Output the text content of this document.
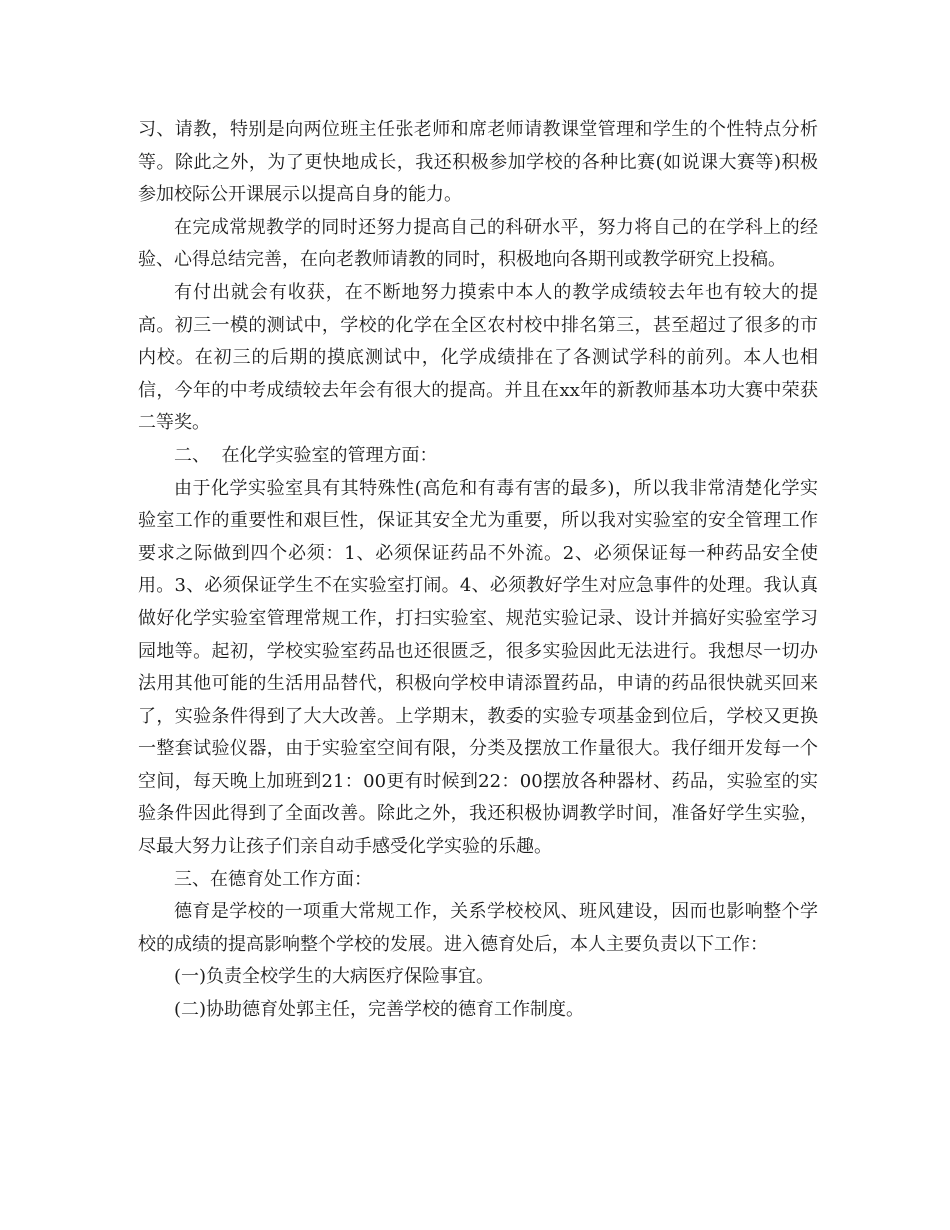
习、请教，特别是向两位班主任张老师和席老师请教课堂管理和学生的个性特点分析等。除此之外，为了更快地成长，我还积极参加学校的各种比赛(如说课大赛等)积极参加校际公开课展示以提高自身的能力。

在完成常规教学的同时还努力提高自己的科研水平，努力将自己的在学科上的经验、心得总结完善，在向老教师请教的同时，积极地向各期刊或教学研究上投稿。

有付出就会有收获，在不断地努力摸索中本人的教学成绩较去年也有较大的提高。初三一模的测试中，学校的化学在全区农村校中排名第三，甚至超过了很多的市内校。在初三的后期的摸底测试中，化学成绩排在了各测试学科的前列。本人也相信，今年的中考成绩较去年会有很大的提高。并且在xx年的新教师基本功大赛中荣获二等奖。

二、  在化学实验室的管理方面：

由于化学实验室具有其特殊性(高危和有毒有害的最多)，所以我非常清楚化学实验室工作的重要性和艰巨性，保证其安全尤为重要，所以我对实验室的安全管理工作要求之际做到四个必须：1、必须保证药品不外流。2、必须保证每一种药品安全使用。3、必须保证学生不在实验室打闹。4、必须教好学生对应急事件的处理。我认真做好化学实验室管理常规工作，打扫实验室、规范实验记录、设计并搞好实验室学习园地等。起初，学校实验室药品也还很匮乏，很多实验因此无法进行。我想尽一切办法用其他可能的生活用品替代，积极向学校申请添置药品，申请的药品很快就买回来了，实验条件得到了大大改善。上学期末，教委的实验专项基金到位后，学校又更换一整套试验仪器，由于实验室空间有限，分类及摆放工作量很大。我仔细开发每一个空间，每天晚上加班到21：00更有时候到22：00摆放各种器材、药品，实验室的实验条件因此得到了全面改善。除此之外，我还积极协调教学时间，准备好学生实验，尽最大努力让孩子们亲自动手感受化学实验的乐趣。

三、在德育处工作方面：

德育是学校的一项重大常规工作，关系学校校风、班风建设，因而也影响整个学校的成绩的提高影响整个学校的发展。进入德育处后，本人主要负责以下工作：

(一)负责全校学生的大病医疗保险事宜。

(二)协助德育处郭主任，完善学校的德育工作制度。
